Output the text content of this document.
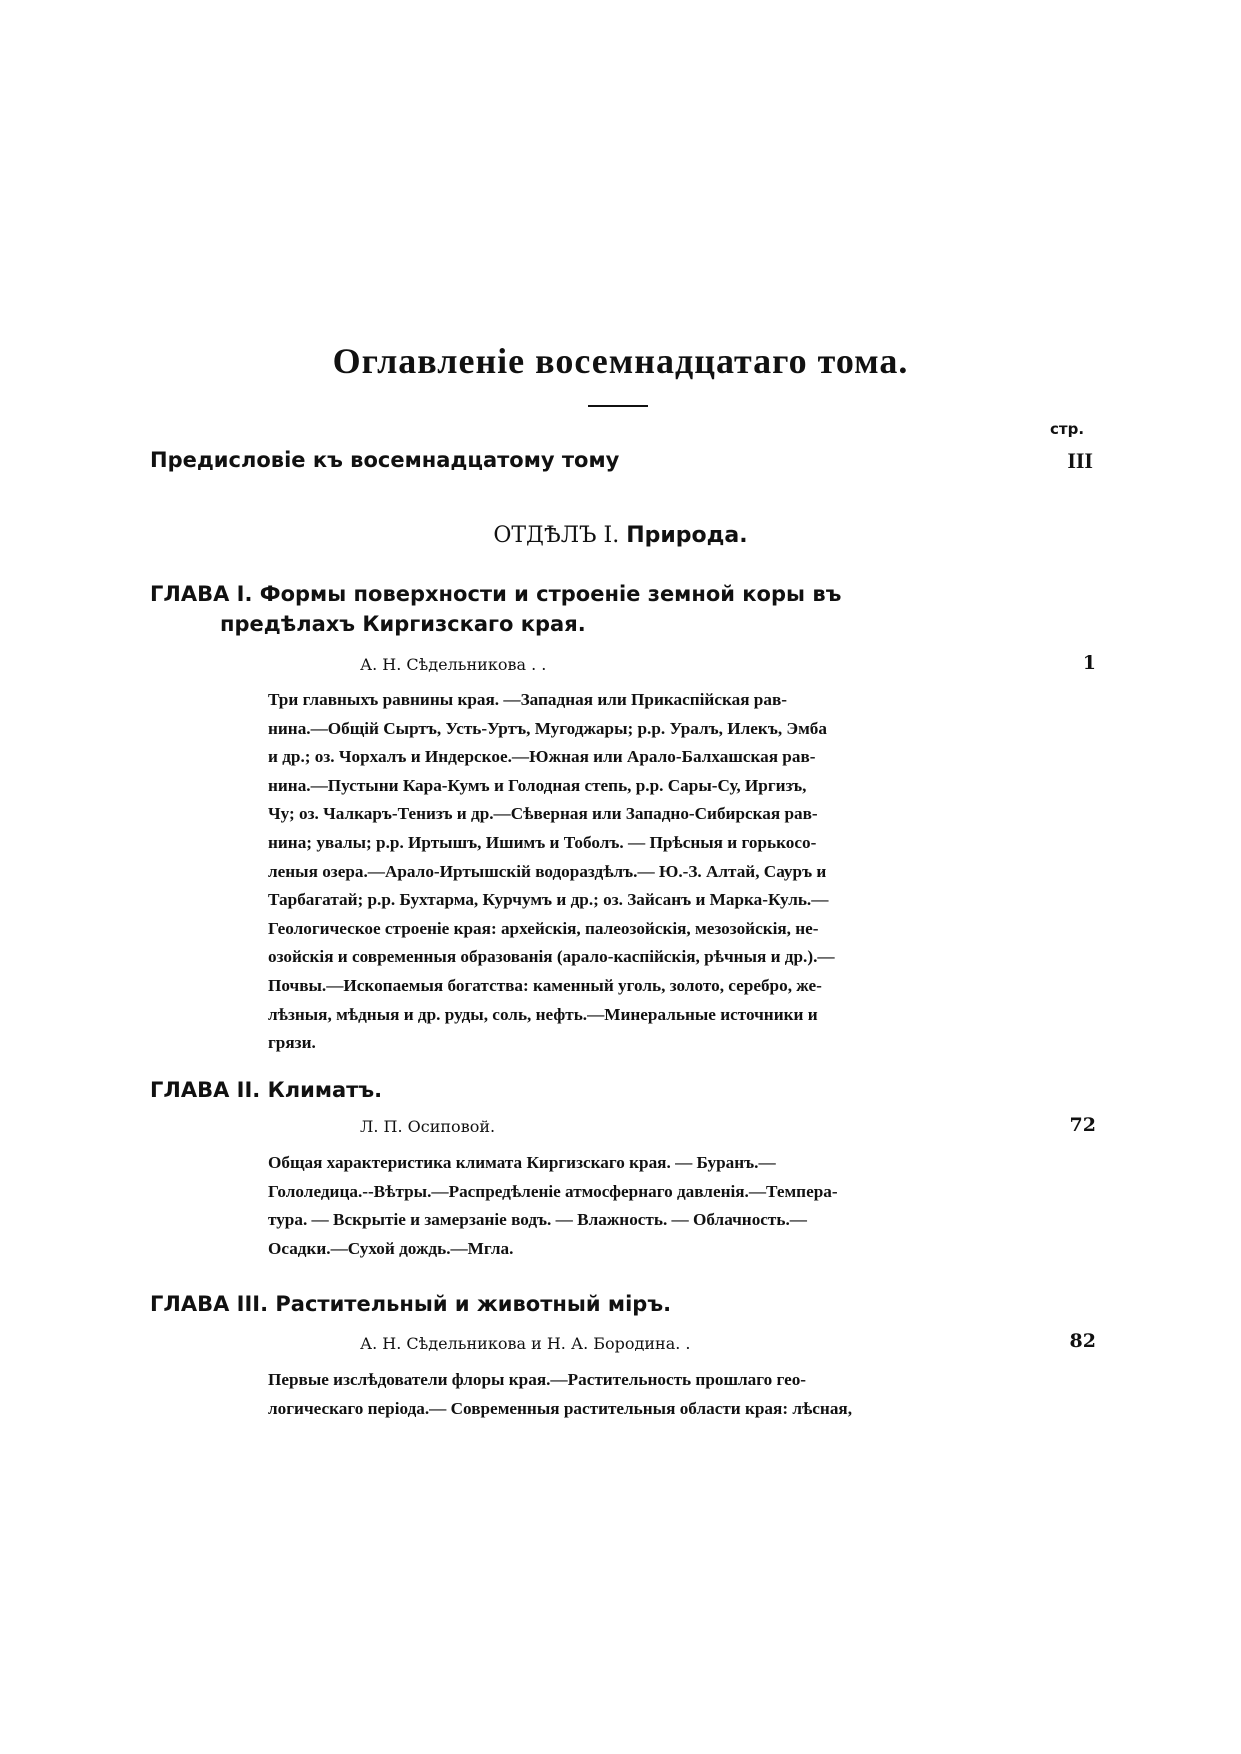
Оглавленіе восемнадцатаго тома.
стр.
Предисловіе къ восемнадцатому тому	III
ОТДѢЛЪ I. Природа.
ГЛАВА I. Формы поверхности и строеніе земной коры въ
предѣлахъ Киргизскаго края.
А. Н. Сѣдельникова . .	1
Три главныхъ равнины края. —Западная или Прикаспійская рав-
нина.—Общій Сыртъ, Усть-Уртъ, Мугоджары; р.р. Уралъ, Илекъ, Эмба
и др.; оз. Чорхалъ и Индерское.—Южная или Арало-Балхашская рав-
нина.—Пустыни Кара-Кумъ и Голодная степь, р.р. Сары-Су, Иргизъ,
Чу; оз. Чалкаръ-Тенизъ и др.—Сѣверная или Западно-Сибирская рав-
нина; увалы; р.р. Иртышъ, Ишимъ и Тоболъ. — Прѣсныя и горькосо-
леныя озера.—Арало-Иртышскій водораздѣлъ.— Ю.-З. Алтай, Сауръ и
Тарбагатай; р.р. Бухтарма, Курчумъ и др.; оз. Зайсанъ и Марка-Куль.—
Геологическое строеніе края: архейскія, палеозойскія, мезозойскія, не-
озойскія и современныя образованія (арало-каспійскія, рѣчныя и др.).—
Почвы.—Ископаемыя богатства: каменный уголь, золото, серебро, же-
лѣзныя, мѣдныя и др. руды, соль, нефть.—Минеральные источники и
грязи.
ГЛАВА II. Климатъ.
Л. П. Осиповой.	72
Общая характеристика климата Киргизскаго края. — Буранъ.—
Гололедица.--Вѣтры.—Распредѣленіе атмосфернаго давленія.—Темпера-
тура. — Вскрытіе и замерзаніе водъ. — Влажность. — Облачность.—
Осадки.—Сухой дождь.—Мгла.
ГЛАВА III. Растительный и животный міръ.
А. Н. Сѣдельникова и Н. А. Бородина. .	82
Первые изслѣдователи флоры края.—Растительность прошлаго гео-
логическаго періода.— Современныя растительныя области края: лѣсная,
